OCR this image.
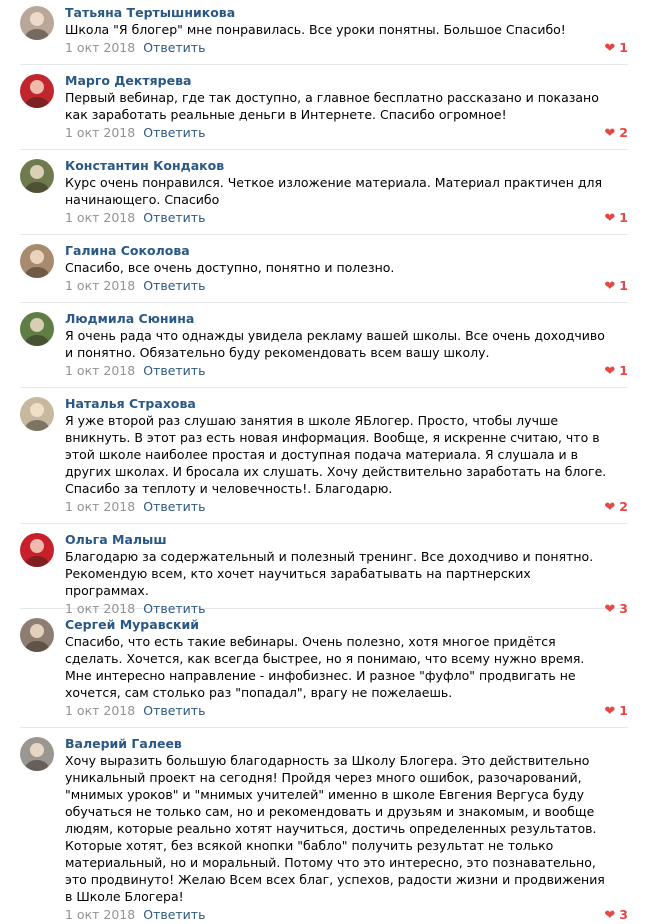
Татьяна Тертышникова
Школа "Я блогер" мне понравилась. Все уроки понятны. Большое Спасибо!
1 окт 2018 Ответить	❤ 1
Марго Дектярева
Первый вебинар, где так доступно, а главное бесплатно рассказано и показано как заработать реальные деньги в Интернете. Спасибо огромное!
1 окт 2018 Ответить	❤ 2
Константин Кондаков
Курс очень понравился. Четкое изложение материала. Материал практичен для начинающего. Спасибо
1 окт 2018 Ответить	❤ 1
Галина Соколова
Спасибо, все очень доступно, понятно и полезно.
1 окт 2018 Ответить	❤ 1
Людмила Сюнина
Я очень рада что однажды увидела рекламу вашей школы. Все очень доходчиво и понятно. Обязательно буду рекомендовать всем вашу школу.
1 окт 2018 Ответить	❤ 1
Наталья Страхова
Я уже второй раз слушаю занятия в школе ЯБлогер. Просто, чтобы лучше вникнуть. В этот раз есть новая информация. Вообще, я искренне считаю, что в этой школе наиболее простая и доступная подача материала. Я слушала и в других школах. И бросала их слушать. Хочу действительно заработать на блоге. Спасибо за теплоту и человечность!. Благодарю.
1 окт 2018 Ответить	❤ 2
Ольга Малыш
Благодарю за содержательный и полезный тренинг. Все доходчиво и понятно. Рекомендую всем, кто хочет научиться зарабатывать на партнерских программах.
1 окт 2018 Ответить	❤ 3
Сергей Муравский
Спасибо, что есть такие вебинары. Очень полезно, хотя многое придётся сделать. Хочется, как всегда быстрее, но я понимаю, что всему нужно время. Мне интересно направление - инфобизнес. И разное "фуфло" продвигать не хочется, сам столько раз "попадал", врагу не пожелаешь.
1 окт 2018 Ответить	❤ 1
Валерий Галеев
Хочу выразить большую благодарность за Школу Блогера. Это действительно уникальный проект на сегодня! Пройдя через много ошибок, разочарований, "мнимых уроков" и "мнимых учителей" именно в школе Евгения Вергуса буду обучаться не только сам, но и рекомендовать и друзьям и знакомым, и вообще людям, которые реально хотят научиться, достичь определенных результатов. Которые хотят, без всякой кнопки "бабло" получить результат не только материальный, но и моральный. Потому что это интересно, это познавательно, это продвинуто! Желаю Всем всех благ, успехов, радости жизни и продвижения в Школе Блогера!
1 окт 2018 Ответить	❤ 3
